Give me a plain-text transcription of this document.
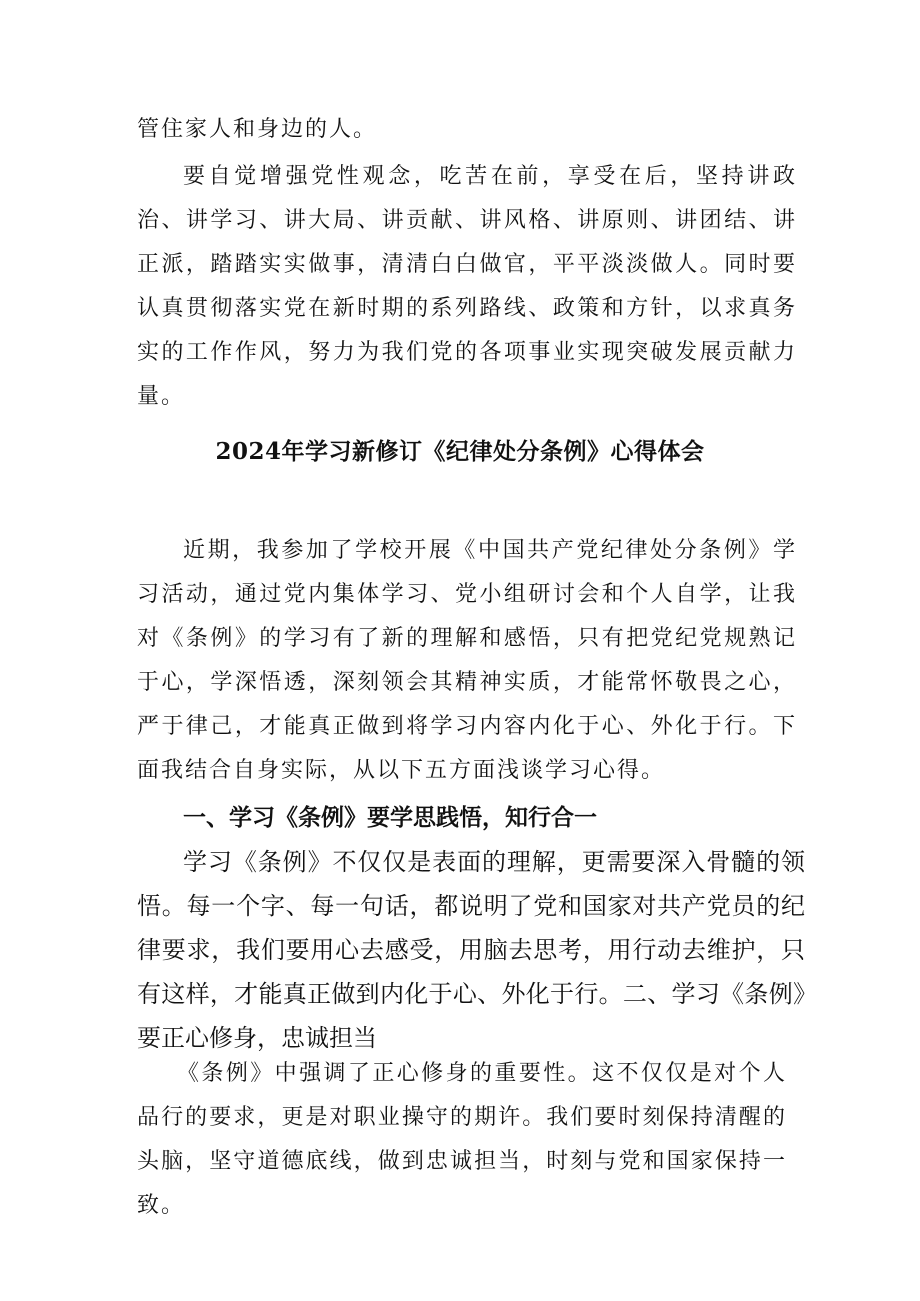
管住家人和身边的人。

要自觉增强党性观念，吃苦在前，享受在后，坚持讲政治、讲学习、讲大局、讲贡献、讲风格、讲原则、讲团结、讲正派，踏踏实实做事，清清白白做官，平平淡淡做人。同时要认真贯彻落实党在新时期的系列路线、政策和方针，以求真务实的工作作风，努力为我们党的各项事业实现突破发展贡献力量。

2024年学习新修订《纪律处分条例》心得体会

近期，我参加了学校开展《中国共产党纪律处分条例》学习活动，通过党内集体学习、党小组研讨会和个人自学，让我对《条例》的学习有了新的理解和感悟，只有把党纪党规熟记于心，学深悟透，深刻领会其精神实质，才能常怀敬畏之心，严于律己，才能真正做到将学习内容内化于心、外化于行。下面我结合自身实际，从以下五方面浅谈学习心得。

一、学习《条例》要学思践悟，知行合一

学习《条例》不仅仅是表面的理解，更需要深入骨髓的领悟。每一个字、每一句话，都说明了党和国家对共产党员的纪律要求，我们要用心去感受，用脑去思考，用行动去维护，只有这样，才能真正做到内化于心、外化于行。二、学习《条例》要正心修身，忠诚担当

《条例》中强调了正心修身的重要性。这不仅仅是对个人品行的要求，更是对职业操守的期许。我们要时刻保持清醒的头脑，坚守道德底线，做到忠诚担当，时刻与党和国家保持一致。
